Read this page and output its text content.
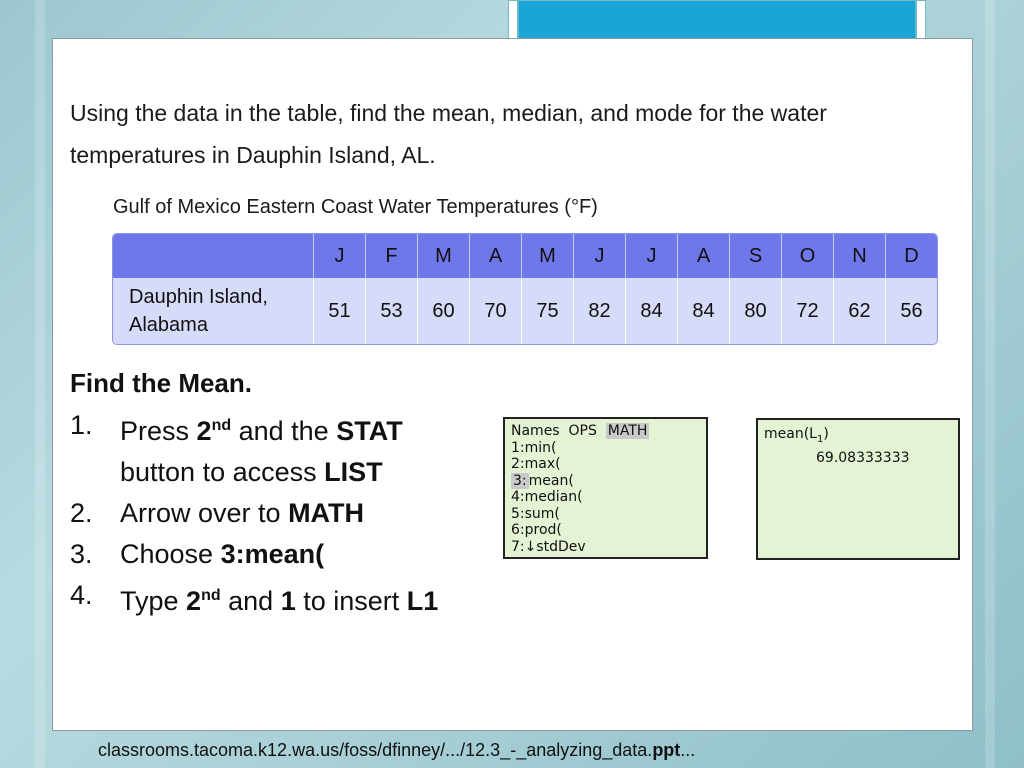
Using the data in the table, find the mean, median, and mode for the water temperatures in Dauphin Island, AL.

Gulf of Mexico Eastern Coast Water Temperatures (°F)
	J	F	M	A	M	J	J	A	S	O	N	D
Dauphin Island,
Alabama	51	53	60	70	75	82	84	84	80	72	62	56
Find the Mean.
1. Press 2nd and the STAT
button to access LIST
2. Arrow over to MATH
3. Choose 3:mean(
4. Type 2nd and 1 to insert L1
Names OPS MATH
1:min(
2:max(
3: mean(
4:median(
5:sum(
6:prod(
7:↓stdDev
$mean(L_1)$
69.08333333
classrooms.tacoma.k12.wa.us/foss/dfinney/.../12.3_-_analyzing_data.ppt...
